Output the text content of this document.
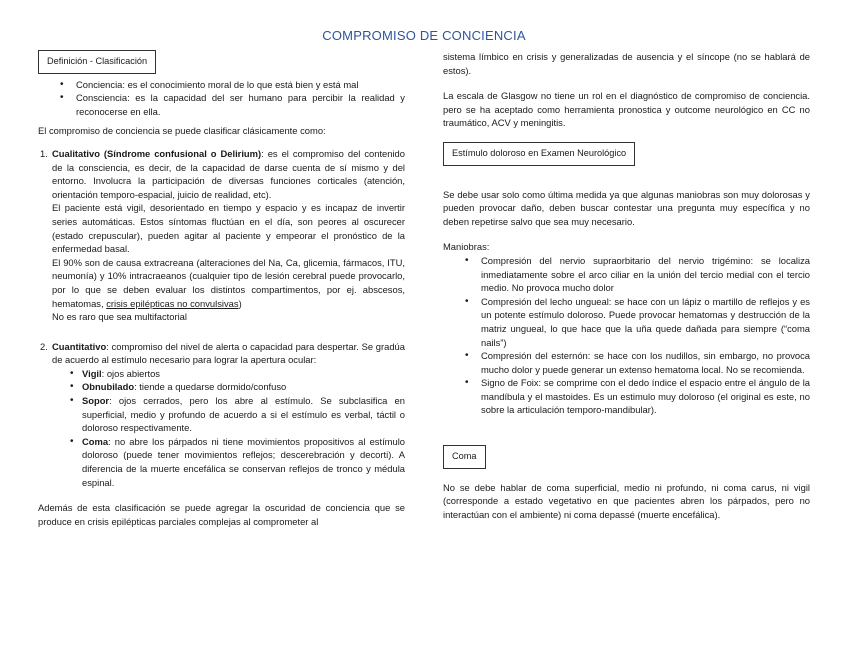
COMPROMISO DE CONCIENCIA
Definición - Clasificación
• Conciencia: es el conocimiento moral de lo que está bien y está mal
• Consciencia: es la capacidad del ser humano para percibir la realidad y reconocerse en ella.

El compromiso de conciencia se puede clasificar clásicamente como:

1. Cualitativo (Síndrome confusional o Delirium): es el compromiso del contenido de la consciencia, es decir, de la capacidad de darse cuenta de sí mismo y del entorno. Involucra la participación de diversas funciones corticales (atención, orientación temporo-espacial, juicio de realidad, etc).

El paciente está vigil, desorientado en tiempo y espacio y es incapaz de invertir series automáticas. Estos síntomas fluctúan en el día, son peores al oscurecer (estado crepuscular), pueden agitar al paciente y empeorar el pronóstico de la enfermedad basal.

El 90% son de causa extracreana (alteraciones del Na, Ca, glicemia, fármacos, ITU, neumonía) y 10% intracraeanos (cualquier tipo de lesión cerebral puede provocarlo, por lo que se deben evaluar los distintos compartimentos, por ej. abscesos, hematomas, crisis epilépticas no convulsivas)

No es raro que sea multifactorial

2. Cuantitativo: compromiso del nivel de alerta o capacidad para despertar. Se gradúa de acuerdo al estímulo necesario para lograr la apertura ocular:

• Vigil: ojos abiertos
• Obnubilado: tiende a quedarse dormido/confuso
• Sopor: ojos cerrados, pero los abre al estímulo. Se subclasifica en superficial, medio y profundo de acuerdo a si el estímulo es verbal, táctil o doloroso respectivamente.
• Coma: no abre los párpados ni tiene movimientos propositivos al estímulo doloroso (puede tener movimientos reflejos; descerebración y decorti). A diferencia de la muerte encefálica se conservan reflejos de tronco y médula espinal.

Además de esta clasificación se puede agregar la oscuridad de conciencia que se produce en crisis epilépticas parciales complejas al comprometer al

sistema límbico en crisis y generalizadas de ausencia y el síncope (no se hablará de estos).

La escala de Glasgow no tiene un rol en el diagnóstico de compromiso de conciencia. pero se ha aceptado como herramienta pronostica y outcome neurológico en CC no traumático, ACV y meningitis.

Estímulo doloroso en Examen Neurológico

Se debe usar solo como última medida ya que algunas maniobras son muy dolorosas y pueden provocar daño, deben buscar contestar una pregunta muy específica y no deben repetirse salvo que sea muy necesario.

Maniobras:

• Compresión del nervio supraorbitario del nervio trigémino: se localiza inmediatamente sobre el arco ciliar en la unión del tercio medial con el tercio medio. No provoca mucho dolor
• Compresión del lecho ungueal: se hace con un lápiz o martillo de reflejos y es un potente estímulo doloroso. Puede provocar hematomas y destrucción de la matriz ungueal, lo que hace que la uña quede dañada para siempre (“coma nails”)
• Compresión del esternón: se hace con los nudillos, sin embargo, no provoca mucho dolor y puede generar un extenso hematoma local. No se recomienda.
• Signo de Foix: se comprime con el dedo índice el espacio entre el ángulo de la mandíbula y el mastoides. Es un estimulo muy doloroso (el original es este, no sobre la articulación temporo-mandibular).
Coma

No se debe hablar de coma superficial, medio ni profundo, ni coma carus, ni vigil (corresponde a estado vegetativo en que pacientes abren los párpados, pero no interactúan con el ambiente) ni coma depassé (muerte encefálica).
